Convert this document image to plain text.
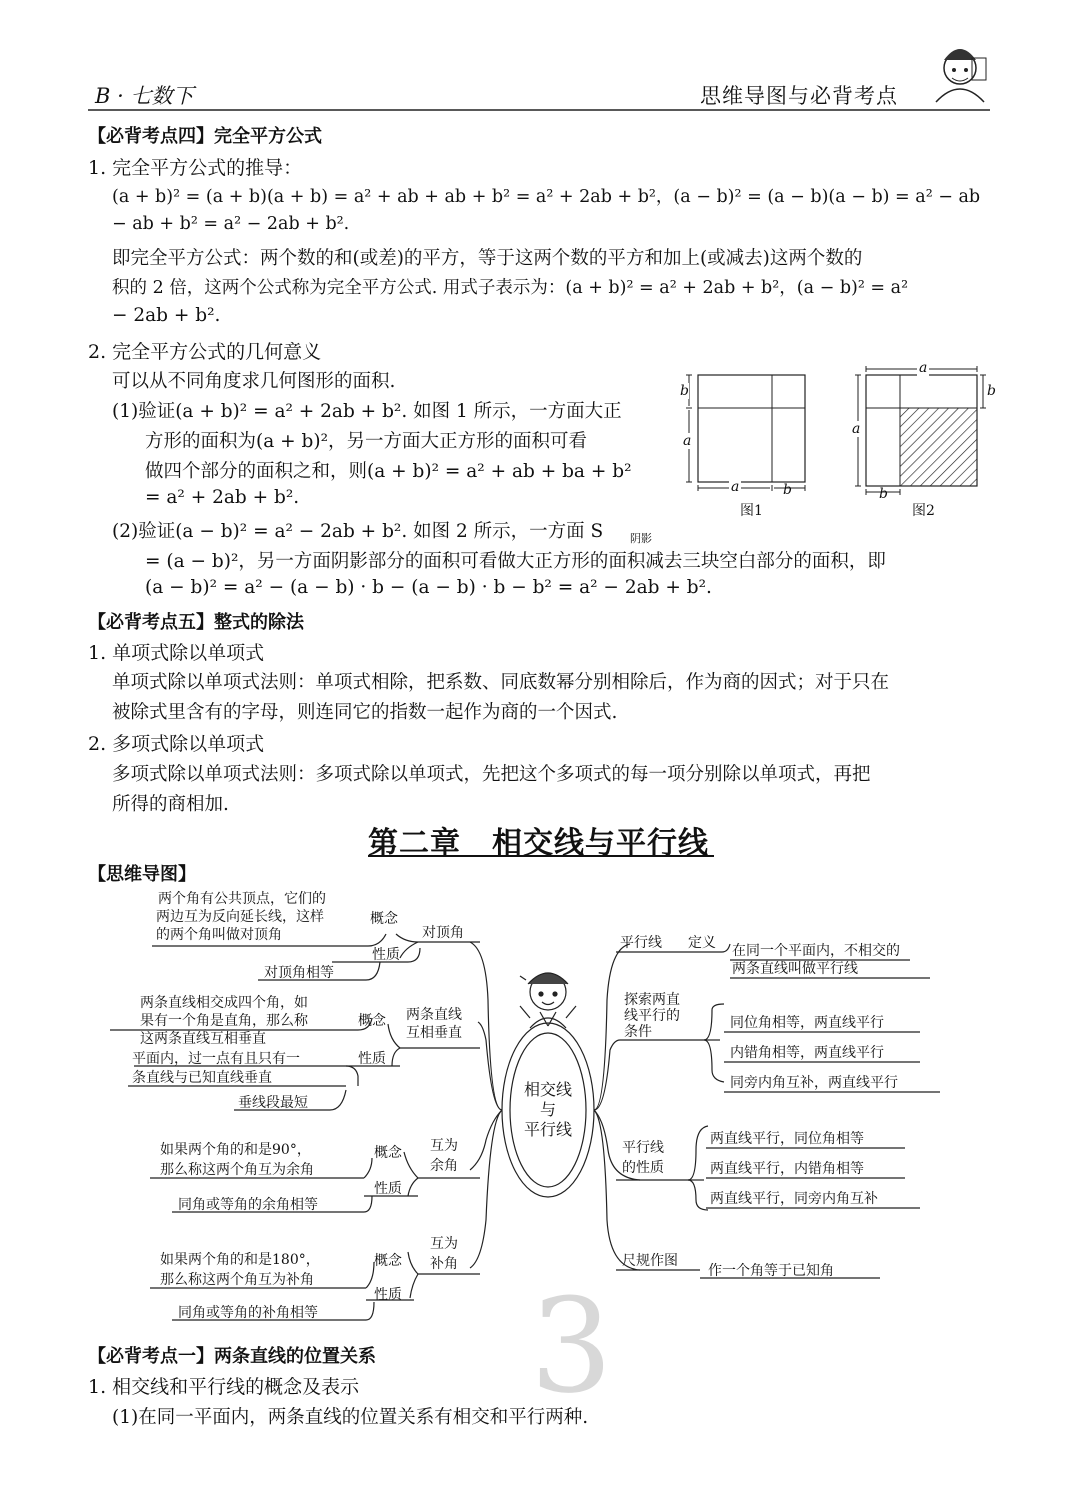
3
B · 七数下	思维导图与必背考点
【必背考点四】完全平方公式
1. 完全平方公式的推导：
(a + b)² = (a + b)(a + b) = a² + ab + ab + b² = a² + 2ab + b²，(a − b)² = (a − b)(a − b) = a² − ab
− ab + b² = a² − 2ab + b².
即完全平方公式：两个数的和(或差)的平方，等于这两个数的平方和加上(或减去)这两个数的
积的 2 倍，这两个公式称为完全平方公式. 用式子表示为：(a + b)² = a² + 2ab + b²，(a − b)² = a²
− 2ab + b².
2. 完全平方公式的几何意义
可以从不同角度求几何图形的面积.
(1)验证(a + b)² = a² + 2ab + b². 如图 1 所示，一方面大正
方形的面积为(a + b)²，另一方面大正方形的面积可看
做四个部分的面积之和，则(a + b)² = a² + ab + ba + b²
= a² + 2ab + b².
(2)验证(a − b)² = a² − 2ab + b². 如图 2 所示，一方面 S 阴影
= (a − b)²，另一方面阴影部分的面积可看做大正方形的面积减去三块空白部分的面积，即
(a − b)² = a² − (a − b) · b − (a − b) · b − b² = a² − 2ab + b².
b
a
a	b
图1
a
a
b
b
图2
【必背考点五】整式的除法
1. 单项式除以单项式
单项式除以单项式法则：单项式相除，把系数、同底数幂分别相除后，作为商的因式；对于只在
被除式里含有的字母，则连同它的指数一起作为商的一个因式.
2. 多项式除以单项式
多项式除以单项式法则：多项式除以单项式，先把这个多项式的每一项分别除以单项式，再把
所得的商相加.
第二章　相交线与平行线
【思维导图】
相交线
与
平行线
对顶角
概念
性质
两个角有公共顶点，它们的
两边互为反向延长线，这样
的两个角叫做对顶角
对顶角相等
两条直线
互相垂直
概念
性质
两条直线相交成四个角，如
果有一个角是直角，那么称
这两条直线互相垂直
平面内，过一点有且只有一
条直线与已知直线垂直
垂线段最短
互为
余角
概念
性质
如果两个角的和是90°，
那么称这两个角互为余角
同角或等角的余角相等
互为
补角
概念
性质
如果两个角的和是180°，
那么称这两个角互为补角
同角或等角的补角相等
平行线 定义 在同一个平面内，不相交的
两条直线叫做平行线
探索两直
线平行的
条件
同位角相等，两直线平行
内错角相等，两直线平行
同旁内角互补，两直线平行
平行线
的性质
两直线平行，同位角相等
两直线平行，内错角相等
两直线平行，同旁内角互补
尺规作图
作一个角等于已知角
【必背考点一】两条直线的位置关系
1. 相交线和平行线的概念及表示
(1)在同一平面内，两条直线的位置关系有相交和平行两种.
